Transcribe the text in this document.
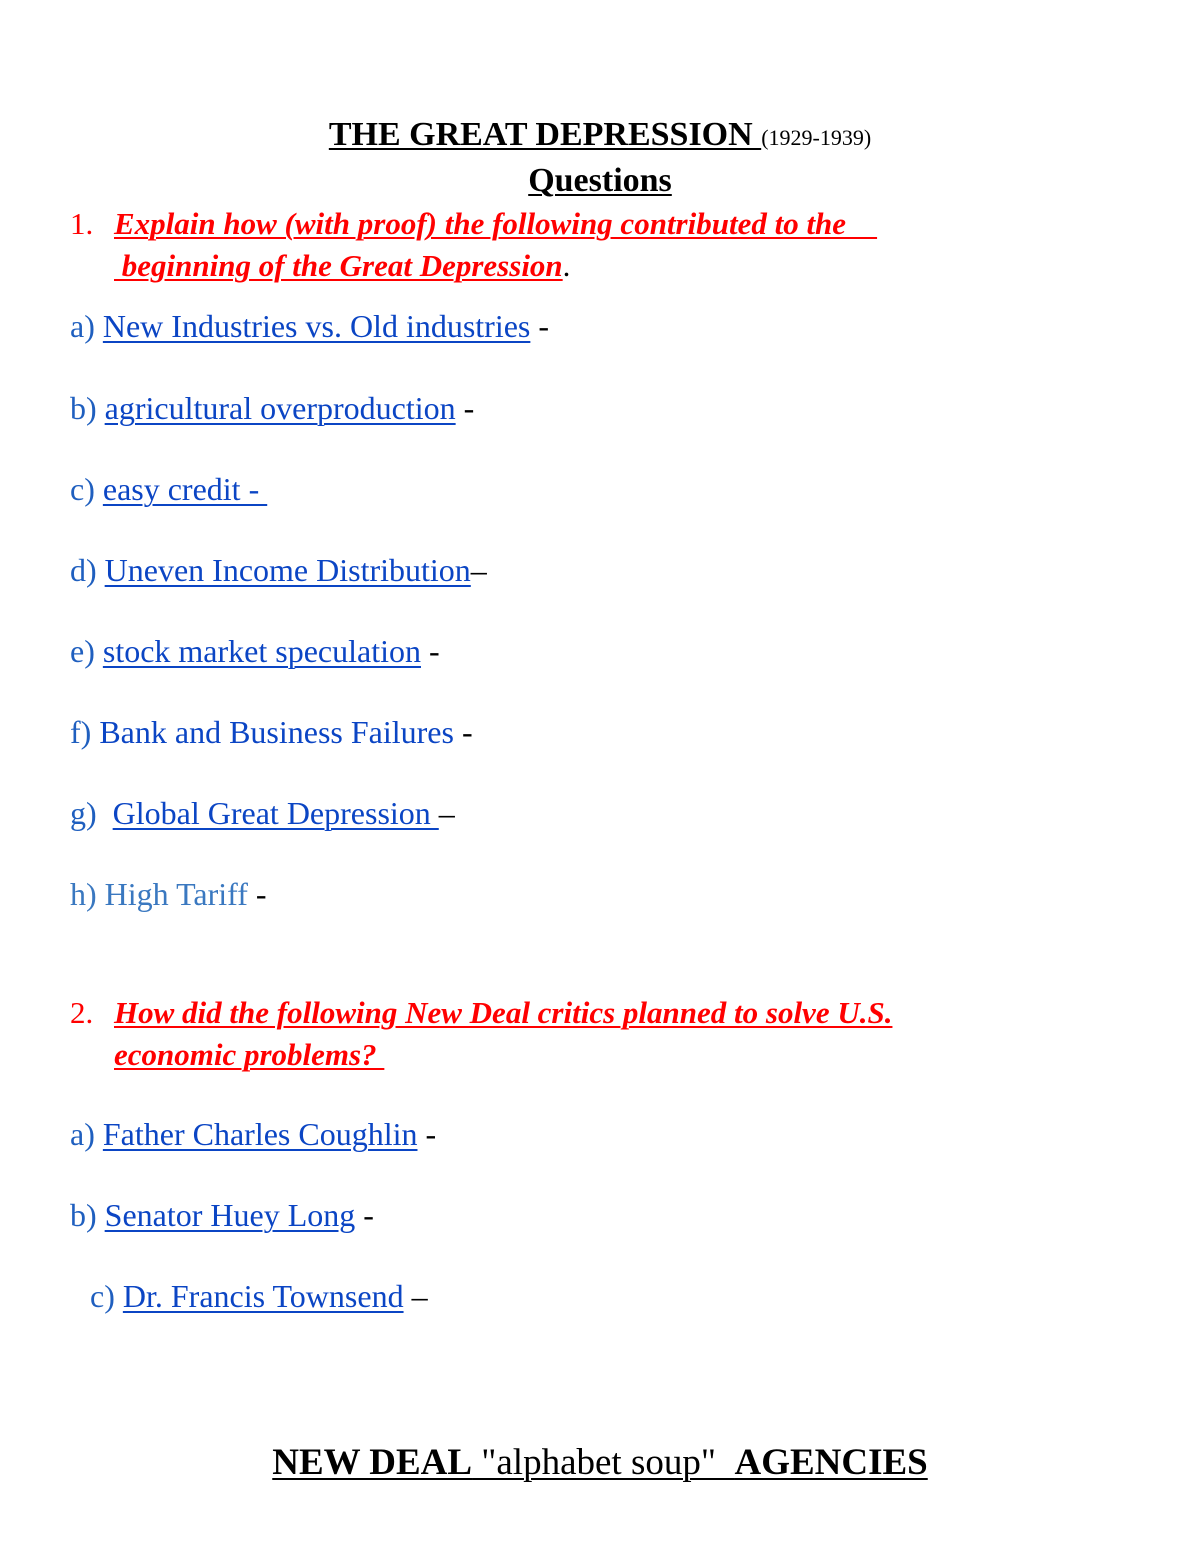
THE GREAT DEPRESSION (1929-1939)
Questions
1. Explain how (with proof) the following contributed to the
beginning of the Great Depression.
a) New Industries vs. Old industries -
b) agricultural overproduction -
c) easy credit -
d) Uneven Income Distribution–
e) stock market speculation -
f) Bank and Business Failures -
g)  Global Great Depression –
h) High Tariff -
2. How did the following New Deal critics planned to solve U.S.
economic problems?
a) Father Charles Coughlin -
b) Senator Huey Long -
c) Dr. Francis Townsend –
NEW DEAL "alphabet soup"  AGENCIES
